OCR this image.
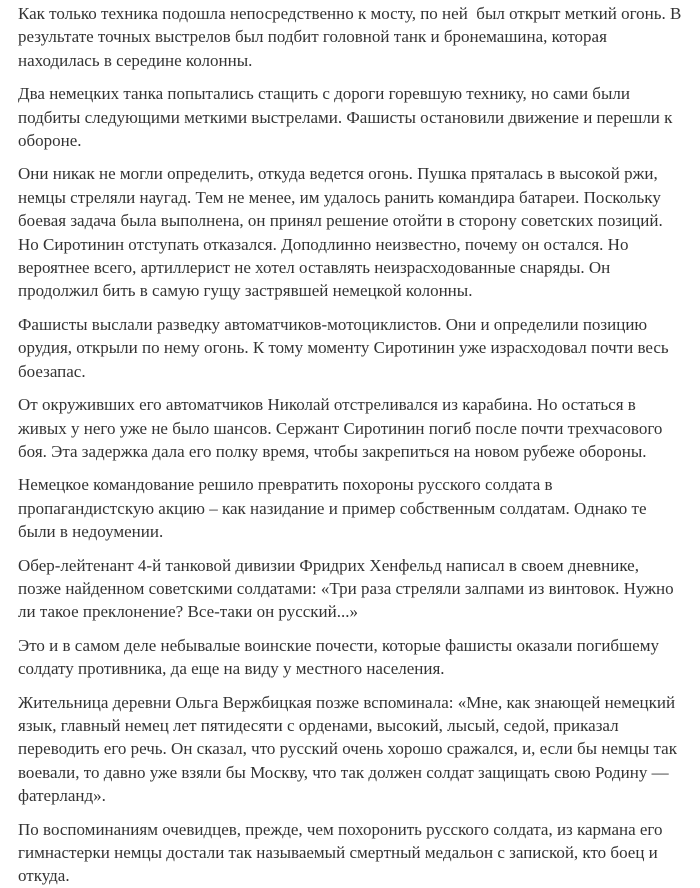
Как только техника подошла непосредственно к мосту, по ней  был открыт меткий огонь. В результате точных выстрелов был подбит головной танк и бронемашина, которая находилась в середине колонны.

Два немецких танка попытались стащить с дороги горевшую технику, но сами были подбиты следующими меткими выстрелами. Фашисты остановили движение и перешли к обороне.

Они никак не могли определить, откуда ведется огонь. Пушка пряталась в высокой ржи, немцы стреляли наугад. Тем не менее, им удалось ранить командира батареи. Поскольку боевая задача была выполнена, он принял решение отойти в сторону советских позиций. Но Сиротинин отступать отказался. Доподлинно неизвестно, почему он остался. Но вероятнее всего, артиллерист не хотел оставлять неизрасходованные снаряды. Он продолжил бить в самую гущу застрявшей немецкой колонны.

Фашисты выслали разведку автоматчиков-мотоциклистов. Они и определили позицию орудия, открыли по нему огонь. К тому моменту Сиротинин уже израсходовал почти весь боезапас.

От окруживших его автоматчиков Николай отстреливался из карабина. Но остаться в живых у него уже не было шансов. Сержант Сиротинин погиб после почти трехчасового боя. Эта задержка дала его полку время, чтобы закрепиться на новом рубеже обороны.

Немецкое командование решило превратить похороны русского солдата в пропагандистскую акцию – как назидание и пример собственным солдатам. Однако те были в недоумении.

Обер-лейтенант 4-й танковой дивизии Фридрих Хенфельд написал в своем дневнике, позже найденном советскими солдатами: «Три раза стреляли залпами из винтовок. Нужно ли такое преклонение? Все-таки он русский...»

Это и в самом деле небывалые воинские почести, которые фашисты оказали погибшему солдату противника, да еще на виду у местного населения.

Жительница деревни Ольга Вержбицкая позже вспоминала: «Мне, как знающей немецкий язык, главный немец лет пятидесяти с орденами, высокий, лысый, седой, приказал переводить его речь. Он сказал, что русский очень хорошо сражался, и, если бы немцы так воевали, то давно уже взяли бы Москву, что так должен солдат защищать свою Родину — фатерланд».

По воспоминаниям очевидцев, прежде, чем похоронить русского солдата, из кармана его гимнастерки немцы достали так называемый смертный медальон с запиской, кто боец и откуда.
